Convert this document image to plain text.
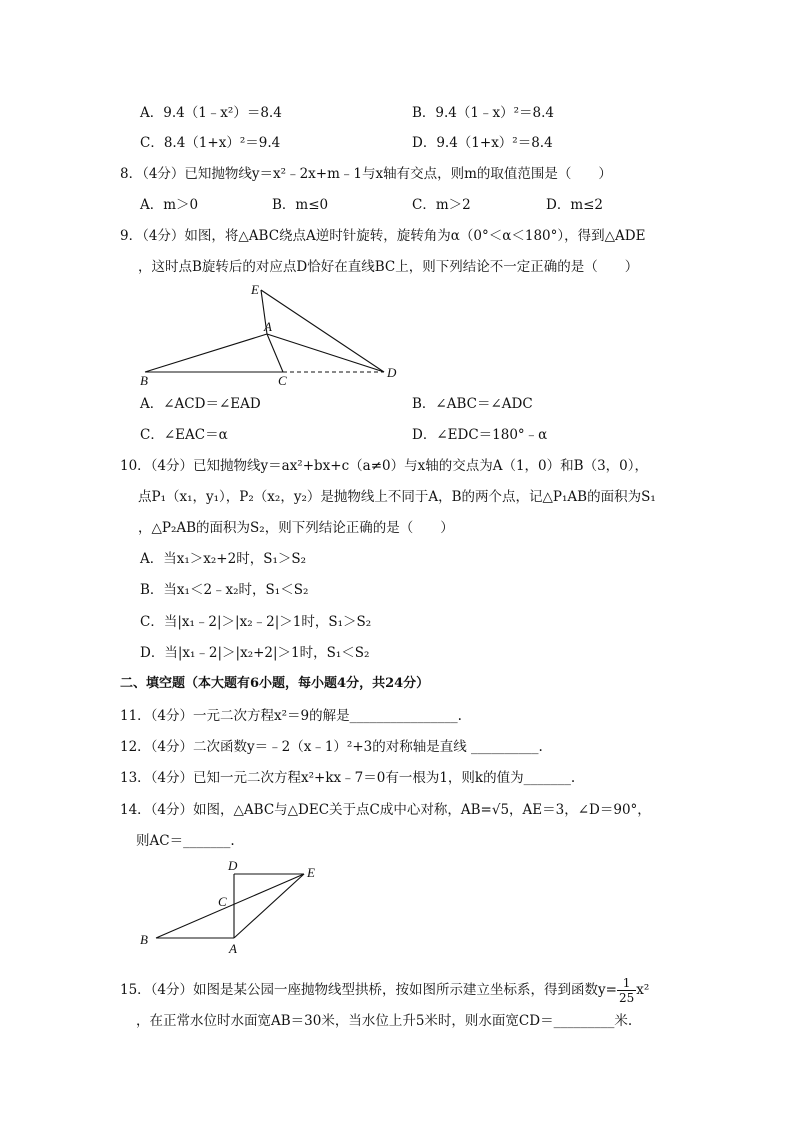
A．9.4（1﹣x²）＝8.4	B．9.4（1﹣x）²＝8.4
C．8.4（1+x）²＝9.4	D．9.4（1+x）²＝8.4
8．（4分）已知抛物线y＝x²﹣2x+m﹣1与x轴有交点，则m的取值范围是（　　）
A．m＞0	B．m≤0	C．m＞2	D．m≤2
9．（4分）如图，将△ABC绕点A逆时针旋转，旋转角为α（0°＜α＜180°），得到△ADE
，这时点B旋转后的对应点D恰好在直线BC上，则下列结论不一定正确的是（　　）
E
A
B	C
D
A．∠ACD＝∠EAD	B．∠ABC＝∠ADC
C．∠EAC＝α	D．∠EDC＝180°﹣α
10．（4分）已知抛物线y＝ax²+bx+c（a≠0）与x轴的交点为A（1，0）和B（3，0），
点P₁（x₁，y₁），P₂（x₂，y₂）是抛物线上不同于A，B的两个点，记△P₁AB的面积为S₁
，△P₂AB的面积为S₂，则下列结论正确的是（　　）
A．当x₁＞x₂+2时，S₁＞S₂
B．当x₁＜2﹣x₂时，S₁＜S₂
C．当|x₁﹣2|＞|x₂﹣2|＞1时，S₁＞S₂
D．当|x₁﹣2|＞|x₂+2|＞1时，S₁＜S₂
二、填空题（本大题有6小题，每小题4分，共24分）
11．（4分）一元二次方程x²＝9的解是________________.
12．（4分）二次函数y＝﹣2（x﹣1）²+3的对称轴是直线 __________.
13．（4分）已知一元二次方程x²+kx﹣7＝0有一根为1，则k的值为_______.
14．（4分）如图，△ABC与△DEC关于点C成中心对称，AB=√5，AE＝3，∠D＝90°，
则AC＝_______.
D	E
C
B
A
15．（4分）如图是某公园一座抛物线型拱桥，按如图所示建立坐标系，得到函数$y= \frac{1}{25} x^2$
，在正常水位时水面宽AB＝30米，当水位上升5米时，则水面宽CD＝_________米.
